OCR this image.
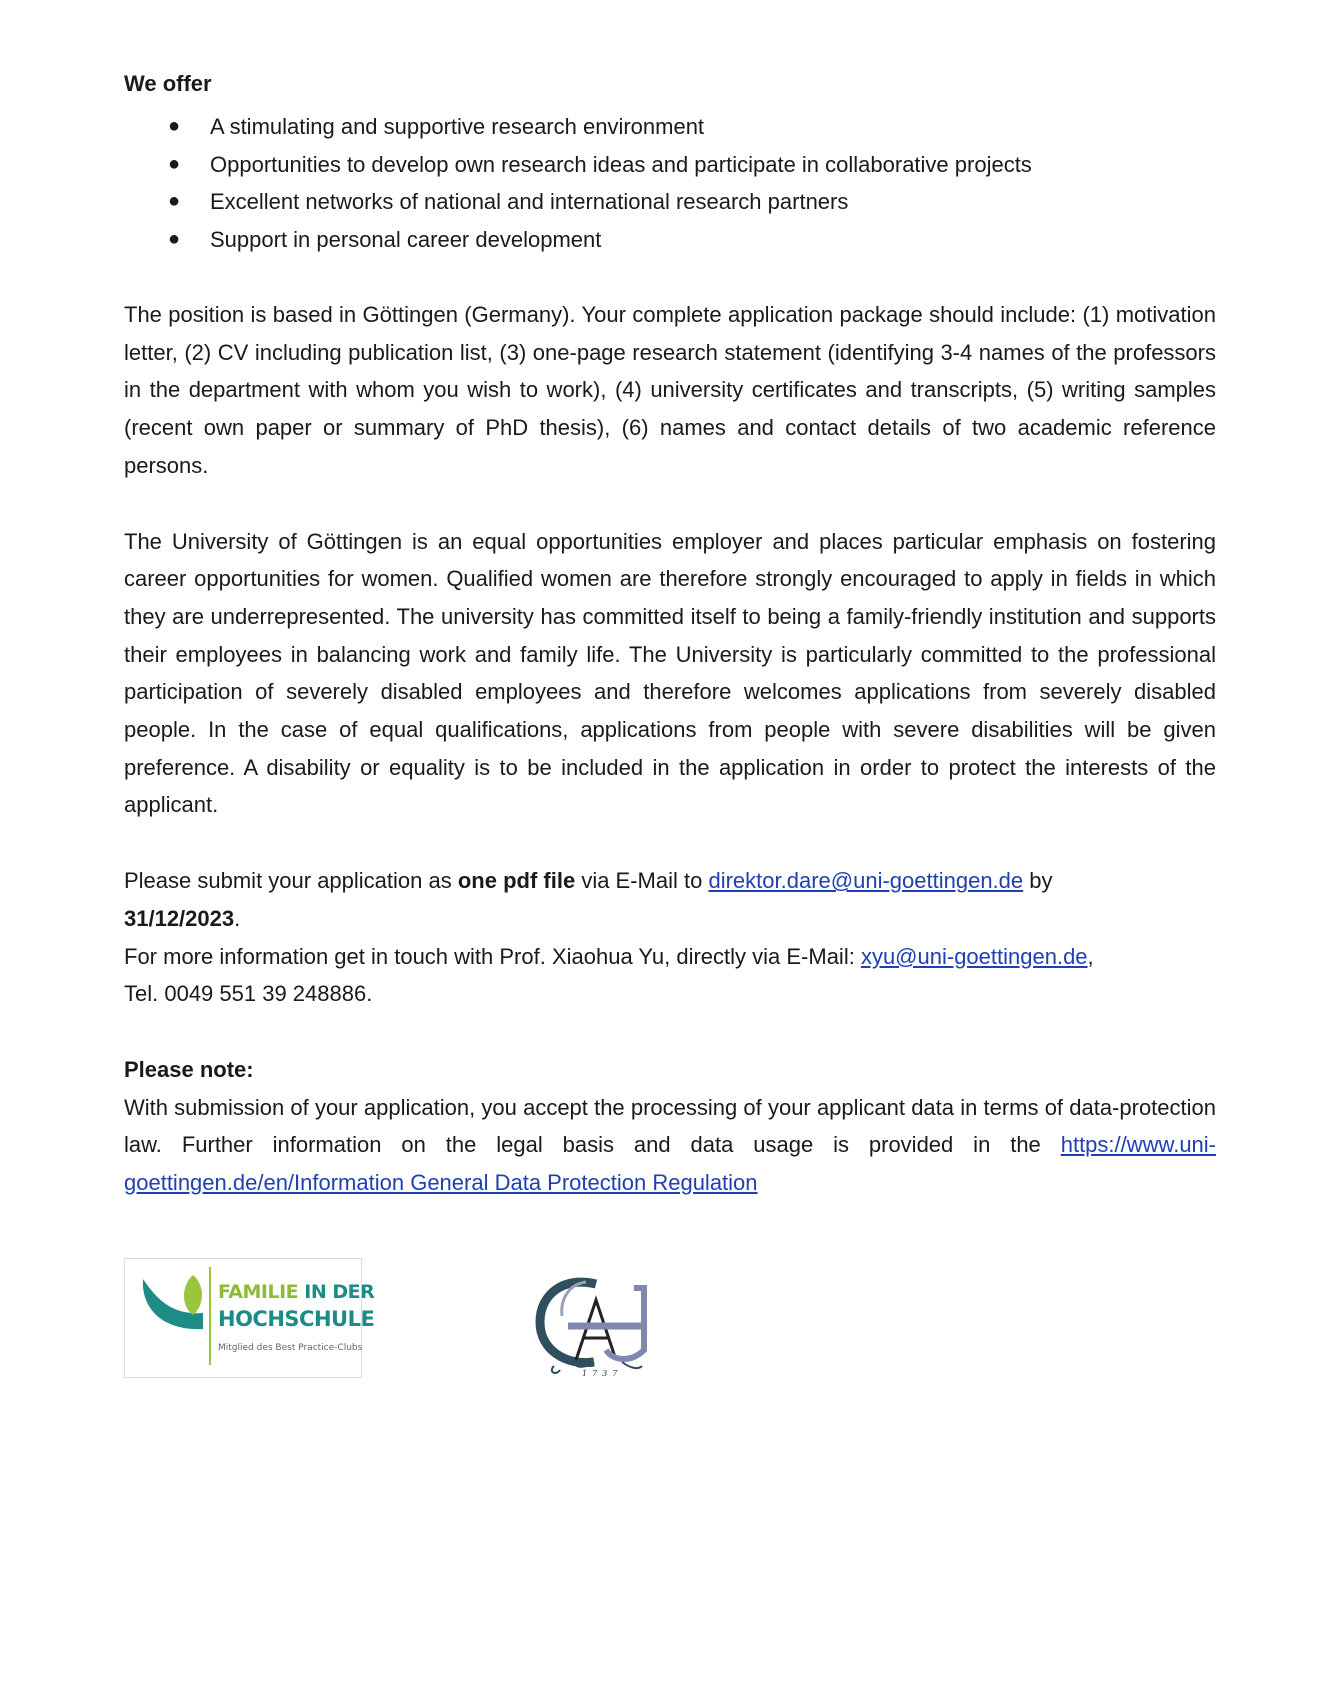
We offer
● A stimulating and supportive research environment
● Opportunities to develop own research ideas and participate in collaborative projects
● Excellent networks of national and international research partners
● Support in personal career development

The position is based in Göttingen (Germany). Your complete application package should include: (1) motivation letter, (2) CV including publication list, (3) one-page research statement (identifying 3-4 names of the professors in the department with whom you wish to work), (4) university certificates and transcripts, (5) writing samples (recent own paper or summary of PhD thesis), (6) names and contact details of two academic reference persons.

The University of Göttingen is an equal opportunities employer and places particular emphasis on fostering career opportunities for women. Qualified women are therefore strongly encouraged to apply in fields in which they are underrepresented. The university has committed itself to being a family-friendly institution and supports their employees in balancing work and family life. The University is particularly committed to the professional participation of severely disabled employees and therefore welcomes applications from severely disabled people. In the case of equal qualifications, applications from people with severe disabilities will be given preference. A disability or equality is to be included in the application in order to protect the interests of the applicant.

Please submit your application as one pdf file via E-Mail to direktor.dare@uni-goettingen.de by
31/12/2023.
For more information get in touch with Prof. Xiaohua Yu, directly via E-Mail: xyu@uni-goettingen.de,
Tel. 0049 551 39 248886.

Please note:
With submission of your application, you accept the processing of your applicant data in terms of data-protection law. Further information on the legal basis and data usage is provided in the https://www.uni-goettingen.de/en/Information General Data Protection Regulation

FAMILIE IN DER
HOCHSCHULE
Mitglied des Best Practice-Clubs
1737
